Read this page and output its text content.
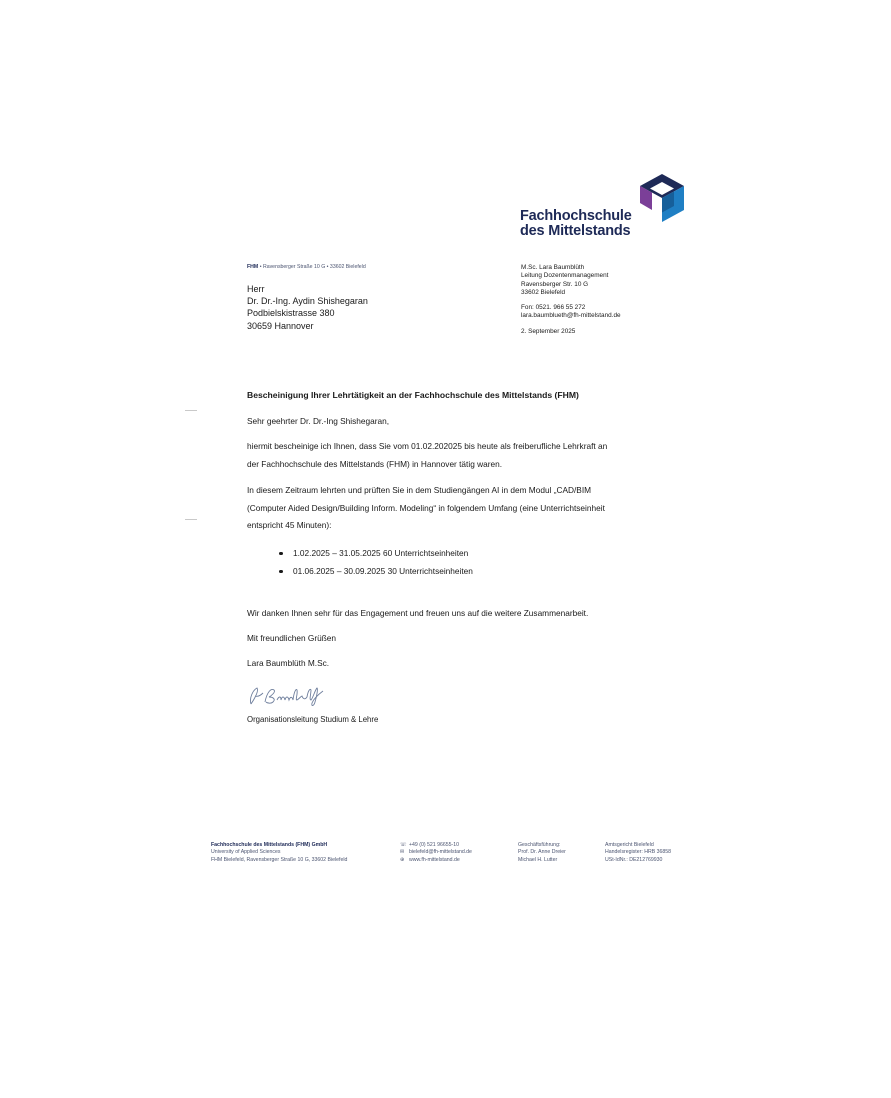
Fachhochschule
des Mittelstands
FHM • Ravensberger Straße 10 G • 33602 Bielefeld
Herr
Dr. Dr.-Ing. Aydin Shishegaran
Podbielskistrasse 380
30659 Hannover
M.Sc. Lara Baumblüth
Leitung Dozentenmanagement
Ravensberger Str. 10 G
33602 Bielefeld
Fon: 0521. 966 55 272
lara.baumblueth@fh-mittelstand.de
2. September 2025
Bescheinigung Ihrer Lehrtätigkeit an der Fachhochschule des Mittelstands (FHM)
Sehr geehrter Dr. Dr.-Ing Shishegaran,
hiermit bescheinige ich Ihnen, dass Sie vom 01.02.202025 bis heute als freiberufliche Lehrkraft an
der Fachhochschule des Mittelstands (FHM) in Hannover tätig waren.
In diesem Zeitraum lehrten und prüften Sie in dem Studiengängen AI in dem Modul „CAD/BIM
(Computer Aided Design/Building Inform. Modeling“ in folgendem Umfang (eine Unterrichtseinheit
entspricht 45 Minuten):
1.02.2025 – 31.05.2025 60 Unterrichtseinheiten
01.06.2025 – 30.09.2025 30 Unterrichtseinheiten
Wir danken Ihnen sehr für das Engagement und freuen uns auf die weitere Zusammenarbeit.
Mit freundlichen Grüßen
Lara Baumblüth M.Sc.
Organisationsleitung Studium & Lehre
Fachhochschule des Mittelstands (FHM) GmbH
University of Applied Sciences
FHM Bielefeld, Ravensberger Straße 10 G, 33602 Bielefeld
☏ +49 (0) 521 96655-10
✉ bielefeld@fh-mittelstand.de
⊕ www.fh-mittelstand.de
Geschäftsführung:
Prof. Dr. Anne Dreier
Michael H. Lutter
Amtsgericht Bielefeld
Handelsregister: HRB 36858
USt-IdNr.: DE212769930
